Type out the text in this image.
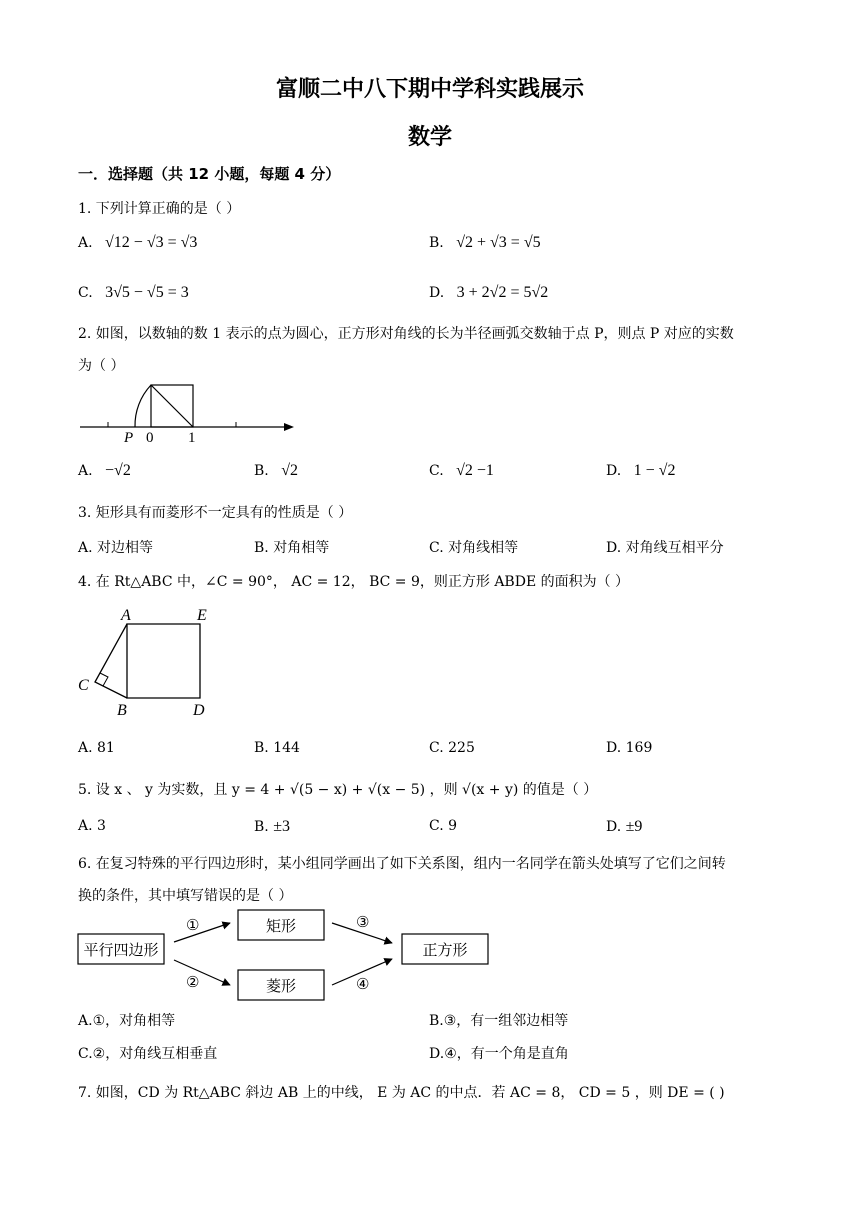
富顺二中八下期中学科实践展示
数学
一．选择题（共 12 小题，每题 4 分）
1. 下列计算正确的是（ ）
A. √12 − √3 = √3	B. √2 + √3 = √5
C. 3√5 − √5 = 3	D. 3 + 2√2 = 5√2
2. 如图，以数轴的数 1 表示的点为圆心，正方形对角线的长为半径画弧交数轴于点 P，则点 P 对应的实数
为（ ）
P 0 1
A. −√2	B. √2	C. √2 −1	D. 1 − √2
3. 矩形具有而菱形不一定具有的性质是（ ）
A. 对边相等	B. 对角相等	C. 对角线相等	D. 对角线互相平分
4. 在 Rt△ABC 中，∠C = 90°， AC = 12， BC = 9，则正方形 ABDE 的面积为（ ）
A	E
C
B	D
A. 81	B. 144	C. 225	D. 169
5. 设 x 、 y 为实数，且 y = 4 + √(5 − x) + √(x − 5) ，则 √(x + y) 的值是（ ）
A. 3	B. ±3	C. 9	D. ±9
6. 在复习特殊的平行四边形时，某小组同学画出了如下关系图，组内一名同学在箭头处填写了它们之间转
换的条件，其中填写错误的是（ ）
平行四边形
矩形
菱形
正方形
①
②
③
④
A.①，对角相等	B.③，有一组邻边相等
C.②，对角线互相垂直	D.④，有一个角是直角
7. 如图，CD 为 Rt△ABC 斜边 AB 上的中线， E 为 AC 的中点．若 AC = 8， CD = 5 ，则 DE = ( )
